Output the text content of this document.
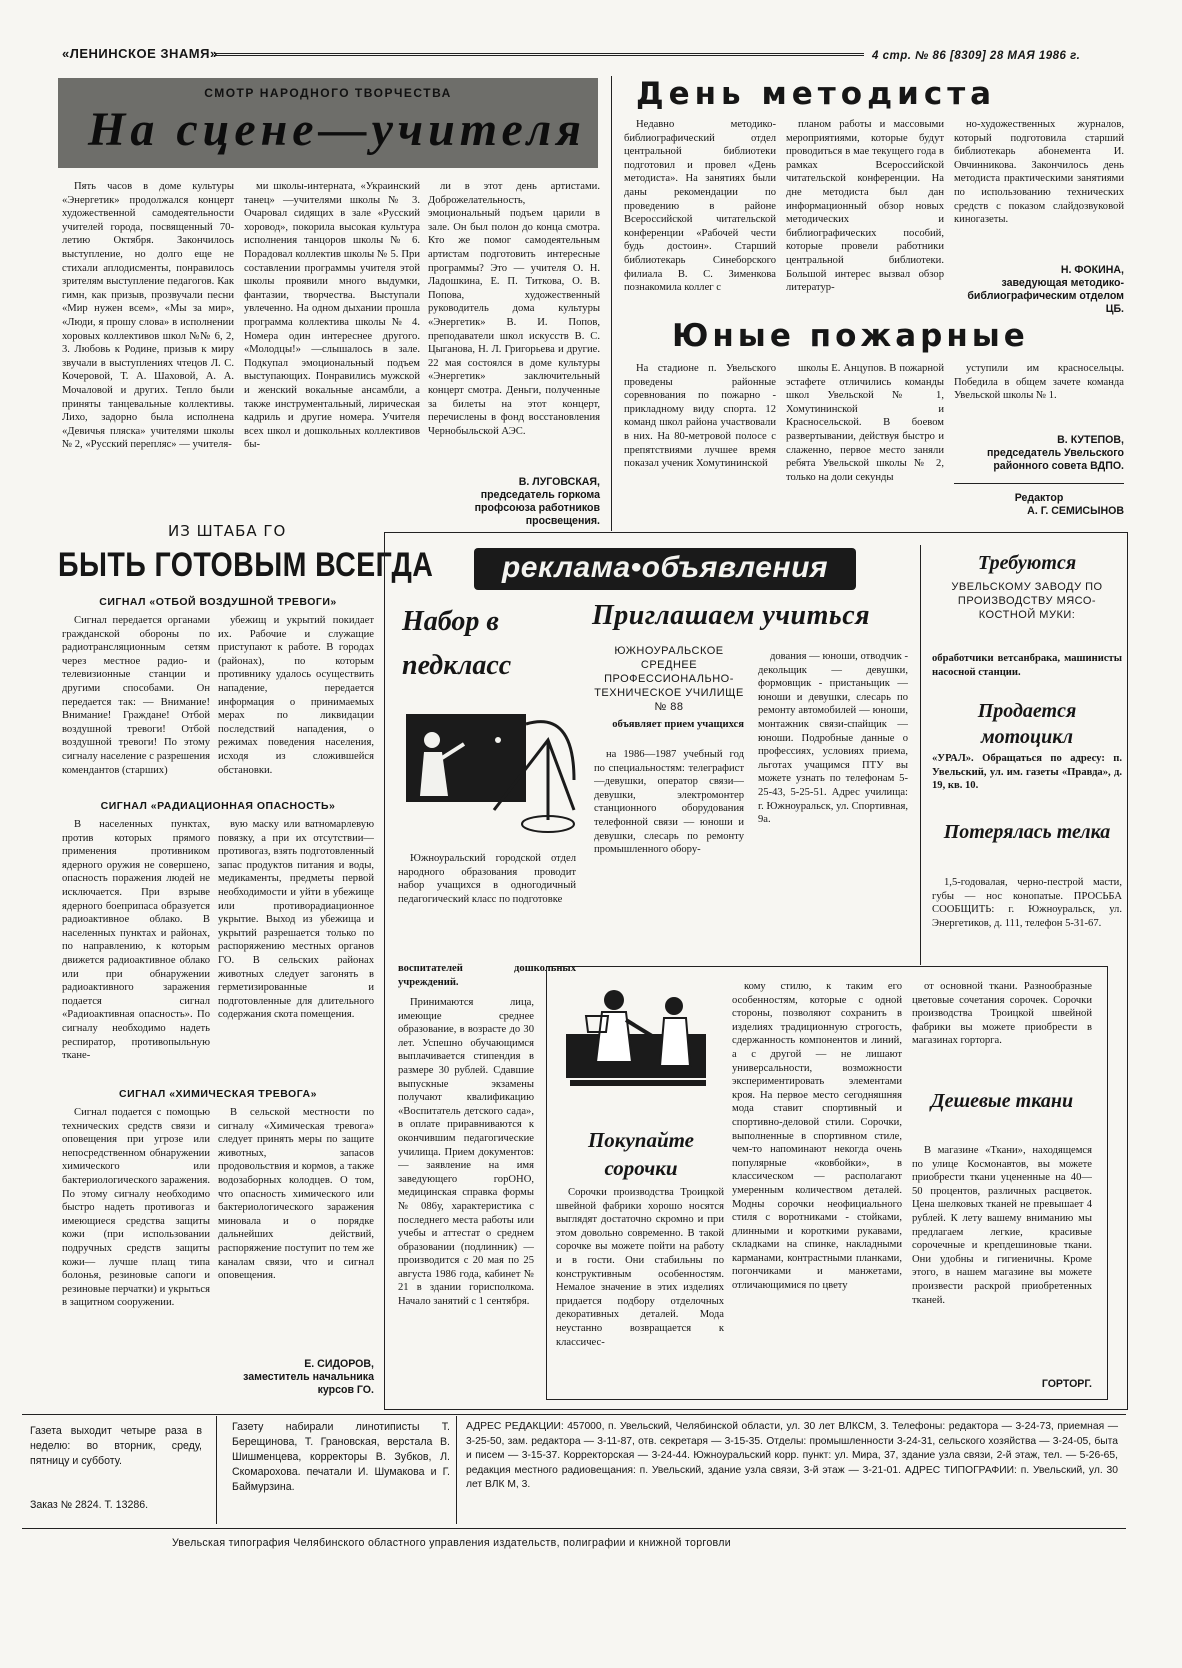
«ЛЕНИНСКОЕ ЗНАМЯ»	4 стр. № 86 [8309] 28 МАЯ 1986 г.
СМОТР НАРОДНОГО ТВОРЧЕСТВА
На сцене—учителя
Пять часов в доме культуры «Энергетик» продолжался концерт художественной самодеятельности учителей города, посвященный 70-летию Октября. Закончилось выступление, но долго еще не стихали аплодисменты, понравилось зрителям выступление педагогов. Как гимн, как призыв, прозвучали песни «Мир нужен всем», «Мы за мир», «Люди, я прошу слова» в исполнении хоровых коллективов школ №№ 6, 2, 3. Любовь к Родине, призыв к миру звучали в выступлениях чтецов Л. С. Кочеровой, Т. А. Шаховой, А. А. Мочаловой и других. Тепло были приняты танцевальные коллективы. Лихо, задорно была исполнена «Девичья пляска» учителями школы № 2, «Русский перепляс» — учителя-
ми школы-интерната, «Украинский танец» —учителями школы № 3. Очаровал сидящих в зале «Русский хоровод», покорила высокая культура исполнения танцоров школы № 6. Порадовал коллектив школы № 5. При составлении программы учителя этой школы проявили много выдумки, фантазии, творчества. Выступали увлеченно. На одном дыхании прошла программа коллектива школы № 4. Номера один интереснее другого. «Молодцы!» —слышалось в зале. Подкупал эмоциональный подъем выступающих. Понравились мужской и женский вокальные ансамбли, а также инструментальный, лирическая кадриль и другие номера. Учителя всех школ и дошкольных коллективов бы-
ли в этот день артистами. Доброжелательность, эмоциональный подъем царили в зале. Он был полон до конца смотра. Кто же помог самодеятельным артистам подготовить интересные программы? Это — учителя О. Н. Ладошкина, Е. П. Титкова, О. В. Попова, художественный руководитель дома культуры «Энергетик» В. И. Попов, преподаватели школ искусств В. С. Цыганова, Н. Л. Григорьева и другие. 22 мая состоялся в доме культуры «Энергетик» заключительный концерт смотра. Деньги, полученные за билеты на этот концерт, перечислены в фонд восстановления Чернобыльской АЭС.
В. ЛУГОВСКАЯ,
председатель горкома профсоюза работников просвещения.
День методиста
Недавно методико-библиографический отдел центральной библиотеки подготовил и провел «День методиста». На занятиях были даны рекомендации по проведению в районе Всероссийской читательской конференции «Рабочей чести будь достоин». Старший библиотекарь Синеборского филиала В. С. Зименкова познакомила коллег с
планом работы и массовыми мероприятиями, которые будут проводиться в мае текущего года в рамках Всероссийской читательской конференции. На дне методиста был дан информационный обзор новых методических и библиографических пособий, которые провели работники центральной библиотеки. Большой интерес вызвал обзор литератур-
но-художественных журналов, который подготовила старший библиотекарь абонемента И. Овчинникова. Закончилось день методиста практическими занятиями по использованию технических средств с показом слайдозвуковой киногазеты.
Н. ФОКИНА,
заведующая методико-библиографическим отделом ЦБ.
Юные пожарные
На стадионе п. Увельского проведены районные соревнования по пожарно - прикладному виду спорта. 12 команд школ района участвовали в них. На 80-метровой полосе с препятствиями лучшее время показал ученик Хомутининской
школы Е. Анцупов. В пожарной эстафете отличились команды школ Увельской № 1, Хомутининской и Красносельской. В боевом развертывании, действуя быстро и слаженно, первое место заняли ребята Увельской школы № 2, только на доли секунды
уступили им красносельцы. Победила в общем зачете команда Увельской школы № 1.
В. КУТЕПОВ,
председатель Увельского районного совета ВДПО.
Редактор
А. Г. СЕМИСЫНОВ
ИЗ ШТАБА ГО
БЫТЬ ГОТОВЫМ ВСЕГДА
СИГНАЛ «ОТБОЙ ВОЗДУШНОЙ ТРЕВОГИ»
Сигнал передается органами гражданской обороны по радиотрансляционным сетям через местное радио- и телевизионные станции и другими способами. Он передается так: — Внимание! Внимание! Граждане! Отбой воздушной тревоги! Отбой воздушной тревоги! По этому сигналу население с разрешения комендантов (старших)
убежищ и укрытий покидает их. Рабочие и служащие приступают к работе. В городах (районах), по которым противнику удалось осуществить нападение, передается информация о принимаемых мерах по ликвидации последствий нападения, о режимах поведения населения, исходя из сложившейся обстановки.
СИГНАЛ «РАДИАЦИОННАЯ ОПАСНОСТЬ»
В населенных пунктах, против которых прямого применения противником ядерного оружия не совершено, опасность поражения людей не исключается. При взрыве ядерного боеприпаса образуется радиоактивное облако. В населенных пунктах и районах, по направлению, к которым движется радиоактивное облако или при обнаружении радиоактивного заражения подается сигнал «Радиоактивная опасность». По сигналу необходимо надеть респиратор, противопыльную ткане-
вую маску или ватномарлевую повязку, а при их отсутствии—противогаз, взять подготовленный запас продуктов питания и воды, медикаменты, предметы первой необходимости и уйти в убежище или противорадиационное укрытие. Выход из убежища и укрытий разрешается только по распоряжению местных органов ГО. В сельских районах животных следует загонять в герметизированные и подготовленные для длительного содержания скота помещения.
СИГНАЛ «ХИМИЧЕСКАЯ ТРЕВОГА»
Сигнал подается с помощью технических средств связи и оповещения при угрозе или непосредственном обнаружении химического или бактериологического заражения. По этому сигналу необходимо быстро надеть противогаз и имеющиеся средства защиты кожи (при использовании подручных средств защиты кожи— лучше плащ типа болонья, резиновые сапоги и резиновые перчатки) и укрыться в защитном сооружении.
В сельской местности по сигналу «Химическая тревога» следует принять меры по защите животных, запасов продовольствия и кормов, а также водозаборных колодцев. О том, что опасность химического или бактериологического заражения миновала и о порядке дальнейших действий, распоряжение поступит по тем же каналам связи, что и сигнал оповещения.
Е. СИДОРОВ,
заместитель начальника курсов ГО.
реклама•объявления
Набор в педкласс
Южноуральский городской отдел народного образования проводит набор учащихся в одногодичный педагогический класс по подготовке
воспитателей дошкольных учреждений.
Принимаются лица, имеющие среднее образование, в возрасте до 30 лет. Успешно обучающимся выплачивается стипендия в размере 30 рублей. Сдавшие выпускные экзамены получают квалификацию «Воспитатель детского сада», в оплате приравниваются к окончившим педагогические училища. Прием документов: — заявление на имя заведующего горОНО, медицинская справка формы № 086у, характеристика с последнего места работы или учебы и аттестат о среднем образовании (подлинник) — производится с 20 мая по 25 августа 1986 года, кабинет № 21 в здании горисполкома. Начало занятий с 1 сентября.
Приглашаем учиться
ЮЖНОУРАЛЬСКОЕ СРЕДНЕЕ ПРОФЕССИОНАЛЬНО-ТЕХНИЧЕСКОЕ УЧИЛИЩЕ № 88
объявляет прием учащихся
на 1986—1987 учебный год по специальностям: телеграфист —девушки, оператор связи— девушки, электромонтер станционного оборудования телефонной связи — юноши и девушки, слесарь по ремонту промышленного обору-
дования — юноши, отводчик - декольщик — девушки, формовщик - пристаньщик — юноши и девушки, слесарь по ремонту автомобилей — юноши, монтажник связи-спайщик — юноши. Подробные данные о профессиях, условиях приема, льготах учащимся ПТУ вы можете узнать по телефонам 5-25-43, 5-25-51. Адрес училища: г. Южноуральск, ул. Спортивная, 9а.
Требуются
УВЕЛЬСКОМУ ЗАВОДУ ПО ПРОИЗВОДСТВУ МЯСО-КОСТНОЙ МУКИ:
обработчики ветсанбрака, машинисты насосной станции.
Продается мотоцикл
«УРАЛ». Обращаться по адресу: п. Увельский, ул. им. газеты «Правда», д. 19, кв. 10.
Потерялась телка
1,5-годовалая, черно-пестрой масти, губы — нос конопатые. ПРОСЬБА СООБЩИТЬ: г. Южноуральск, ул. Энергетиков, д. 111, телефон 5-31-67.
Покупайте сорочки
Сорочки производства Троицкой швейной фабрики хорошо носятся выглядят достаточно скромно и при этом довольно современно. В такой сорочке вы можете пойти на работу и в гости. Они стабильны по конструктивным особенностям. Немалое значение в этих изделиях придается подбору отделочных декоративных деталей. Мода неустанно возвращается к классичес-
кому стилю, к таким его особенностям, которые с одной стороны, позволяют сохранить в изделиях традиционную строгость, сдержанность компонентов и линий, а с другой — не лишают универсальности, возможности экспериментировать элементами кроя. На первое место сегодняшняя мода ставит спортивный и спортивно-деловой стили. Сорочки, выполненные в спортивном стиле, чем-то напоминают некогда очень популярные «ковбойки», в классическом — располагают умеренным количеством деталей. Модны сорочки неофициального стиля с воротниками - стойками, длинными и короткими рукавами, складками на спинке, накладными карманами, контрастными планками, погончиками и манжетами, отличающимися по цвету
от основной ткани. Разнообразные цветовые сочетания сорочек. Сорочки производства Троицкой швейной фабрики вы можете приобрести в магазинах горторга.
Дешевые ткани
В магазине «Ткани», находящемся по улице Космонавтов, вы можете приобрести ткани уцененные на 40—50 процентов, различных расцветок. Цена шелковых тканей не превышает 4 рублей. К лету вашему вниманию мы предлагаем легкие, красивые сорочечные и крепдешиновые ткани. Они удобны и гигиеничны. Кроме этого, в нашем магазине вы можете произвести раскрой приобретенных тканей.
ГОРТОРГ.
Газета выходит четыре раза в неделю: во вторник, среду, пятницу и субботу.
Заказ № 2824. Т. 13286.
Газету набирали линотиписты Т. Берещинова, Т. Грановская, верстала В. Шишменцева, корректоры В. Зубков, Л. Скомарохова. печатали И. Шумакова и Г. Баймурзина.
АДРЕС РЕДАКЦИИ: 457000, п. Увельский, Челябинской области, ул. 30 лет ВЛКСМ, 3. Телефоны: редактора — 3-24-73, приемная — 3-25-50, зам. редактора — 3-11-87, отв. секретаря — 3-15-35. Отделы: промышленности 3-24-31, сельского хозяйства — 3-24-05, быта и писем — 3-15-37. Корректорская — 3-24-44. Южноуральский корр. пункт: ул. Мира, 37, здание узла связи, 2-й этаж, тел. — 5-26-65, редакция местного радиовещания: п. Увельский, здание узла связи, 3-й этаж — 3-21-01. АДРЕС ТИПОГРАФИИ: п. Увельский, ул. 30 лет ВЛК М, 3.
Увельская типография Челябинского областного управления издательств, полиграфии и книжной торговли
